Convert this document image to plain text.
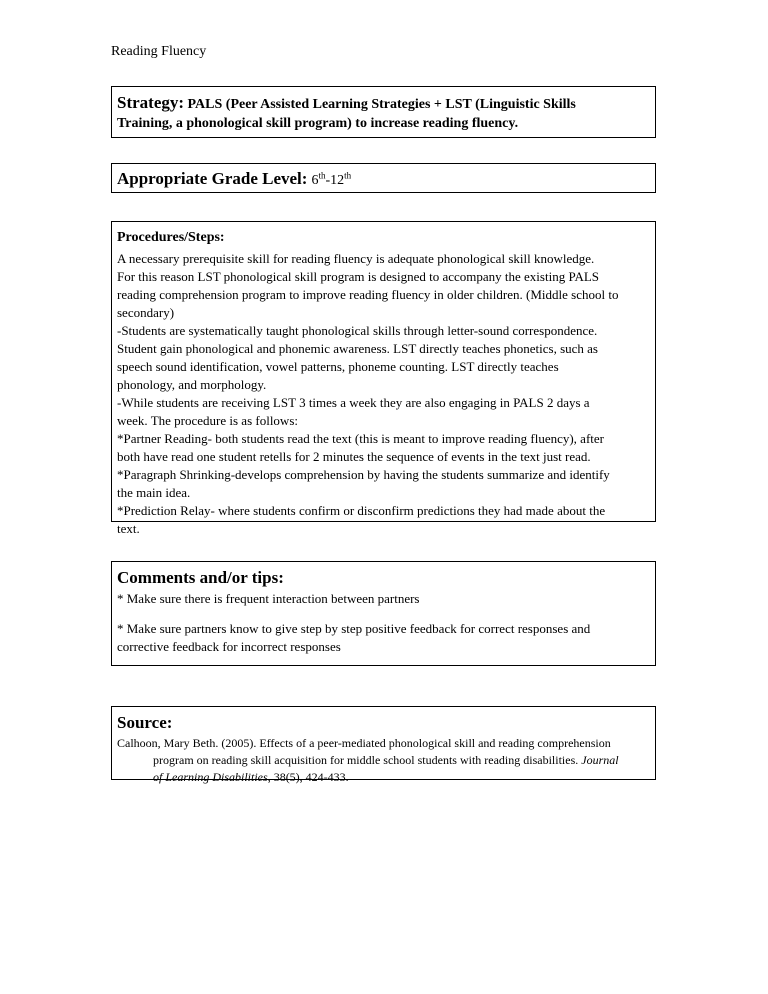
Reading Fluency
Strategy: PALS (Peer Assisted Learning Strategies + LST (Linguistic Skills
Training, a phonological skill program) to increase reading fluency.
Appropriate Grade Level: 6th-12th
Procedures/Steps:
A necessary prerequisite skill for reading fluency is adequate phonological skill knowledge.
For this reason LST phonological skill program is designed to accompany the existing PALS
reading comprehension program to improve reading fluency in older children. (Middle school to
secondary)
-Students are systematically taught phonological skills through letter-sound correspondence.
Student gain phonological and phonemic awareness. LST directly teaches phonetics, such as
speech sound identification, vowel patterns, phoneme counting. LST directly teaches
phonology, and morphology.
-While students are receiving LST 3 times a week they are also engaging in PALS 2 days a
week. The procedure is as follows:
*Partner Reading- both students read the text (this is meant to improve reading fluency), after
both have read one student retells for 2 minutes the sequence of events in the text just read.
*Paragraph Shrinking-develops comprehension by having the students summarize and identify
the main idea.
*Prediction Relay- where students confirm or disconfirm predictions they had made about the
text.
Comments and/or tips:
* Make sure there is frequent interaction between partners
* Make sure partners know to give step by step positive feedback for correct responses and
corrective feedback for incorrect responses
Source:
Calhoon, Mary Beth. (2005). Effects of a peer-mediated phonological skill and reading comprehension
program on reading skill acquisition for middle school students with reading disabilities. Journal
of Learning Disabilities, 38(5), 424-433.
